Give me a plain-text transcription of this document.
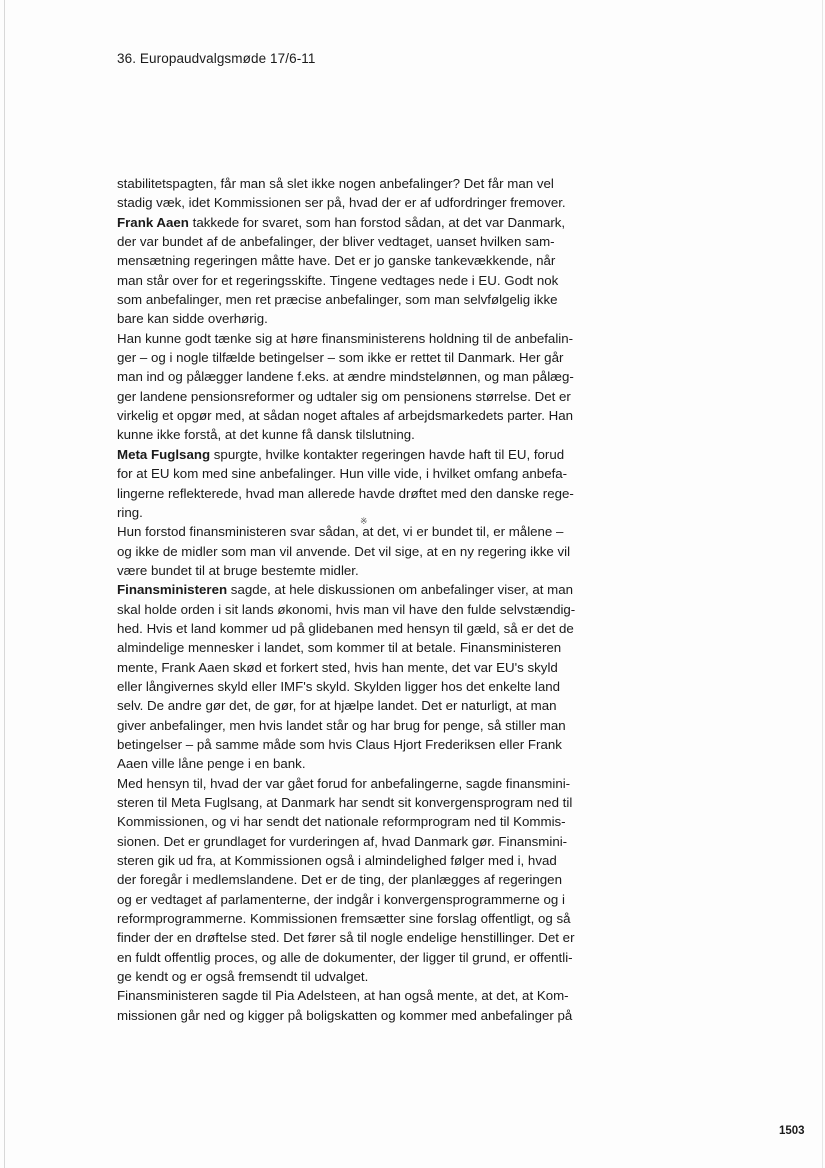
36. Europaudvalgsmøde 17/6-11
stabilitetspagten, får man så slet ikke nogen anbefalinger? Det får man vel
stadig væk, idet Kommissionen ser på, hvad der er af udfordringer fremover.
Frank Aaen takkede for svaret, som han forstod sådan, at det var Danmark,
der var bundet af de anbefalinger, der bliver vedtaget, uanset hvilken sam-
mensætning regeringen måtte have. Det er jo ganske tankevækkende, når
man står over for et regeringsskifte. Tingene vedtages nede i EU. Godt nok
som anbefalinger, men ret præcise anbefalinger, som man selvfølgelig ikke
bare kan sidde overhørig.
Han kunne godt tænke sig at høre finansministerens holdning til de anbefalin-
ger – og i nogle tilfælde betingelser – som ikke er rettet til Danmark. Her går
man ind og pålægger landene f.eks. at ændre mindstelønnen, og man pålæg-
ger landene pensionsreformer og udtaler sig om pensionens størrelse. Det er
virkelig et opgør med, at sådan noget aftales af arbejdsmarkedets parter. Han
kunne ikke forstå, at det kunne få dansk tilslutning.
Meta Fuglsang spurgte, hvilke kontakter regeringen havde haft til EU, forud
for at EU kom med sine anbefalinger. Hun ville vide, i hvilket omfang anbefa-
lingerne reflekterede, hvad man allerede havde drøftet med den danske rege-
ring.
Hun forstod finansministeren svar sådan, at det, vi er bundet til, er målene –
og ikke de midler som man vil anvende. Det vil sige, at en ny regering ikke vil
være bundet til at bruge bestemte midler.
Finansministeren sagde, at hele diskussionen om anbefalinger viser, at man
skal holde orden i sit lands økonomi, hvis man vil have den fulde selvstændig-
hed. Hvis et land kommer ud på glidebanen med hensyn til gæld, så er det de
almindelige mennesker i landet, som kommer til at betale. Finansministeren
mente, Frank Aaen skød et forkert sted, hvis han mente, det var EU's skyld
eller långivernes skyld eller IMF's skyld. Skylden ligger hos det enkelte land
selv. De andre gør det, de gør, for at hjælpe landet. Det er naturligt, at man
giver anbefalinger, men hvis landet står og har brug for penge, så stiller man
betingelser – på samme måde som hvis Claus Hjort Frederiksen eller Frank
Aaen ville låne penge i en bank.
Med hensyn til, hvad der var gået forud for anbefalingerne, sagde finansmini-
steren til Meta Fuglsang, at Danmark har sendt sit konvergensprogram ned til
Kommissionen, og vi har sendt det nationale reformprogram ned til Kommis-
sionen. Det er grundlaget for vurderingen af, hvad Danmark gør. Finansmini-
steren gik ud fra, at Kommissionen også i almindelighed følger med i, hvad
der foregår i medlemslandene. Det er de ting, der planlægges af regeringen
og er vedtaget af parlamenterne, der indgår i konvergensprogrammerne og i
reformprogrammerne. Kommissionen fremsætter sine forslag offentligt, og så
finder der en drøftelse sted. Det fører så til nogle endelige henstillinger. Det er
en fuldt offentlig proces, og alle de dokumenter, der ligger til grund, er offentli-
ge kendt og er også fremsendt til udvalget.
Finansministeren sagde til Pia Adelsteen, at han også mente, at det, at Kom-
missionen går ned og kigger på boligskatten og kommer med anbefalinger på
※
1503
